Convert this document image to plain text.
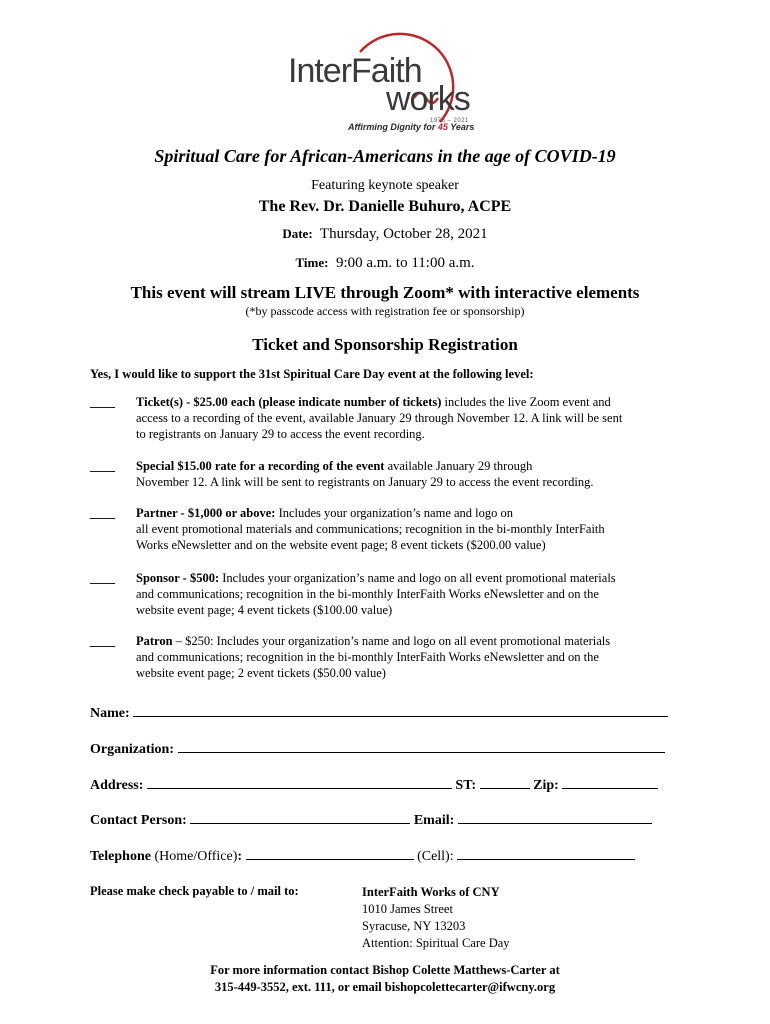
InterFaith
works
1976 – 2021
Affirming Dignity for 45 Years
Spiritual Care for African-Americans in the age of COVID-19
Featuring keynote speaker
The Rev. Dr. Danielle Buhuro, ACPE
Date: Thursday, October 28, 2021
Time: 9:00 a.m. to 11:00 a.m.
This event will stream LIVE through Zoom* with interactive elements
(*by passcode access with registration fee or sponsorship)
Ticket and Sponsorship Registration
Yes, I would like to support the 31st Spiritual Care Day event at the following level:
____ Ticket(s) - $25.00 each (please indicate number of tickets) includes the live Zoom event and
access to a recording of the event, available January 29 through November 12. A link will be sent
to registrants on January 29 to access the event recording.
____ Special $15.00 rate for a recording of the event available January 29 through
November 12. A link will be sent to registrants on January 29 to access the event recording.
____ Partner - $1,000 or above: Includes your organization’s name and logo on
all event promotional materials and communications; recognition in the bi-monthly InterFaith
Works eNewsletter and on the website event page; 8 event tickets ($200.00 value)
____ Sponsor - $500: Includes your organization’s name and logo on all event promotional materials
and communications; recognition in the bi-monthly InterFaith Works eNewsletter and on the
website event page; 4 event tickets ($100.00 value)
____ Patron – $250: Includes your organization’s name and logo on all event promotional materials
and communications; recognition in the bi-monthly InterFaith Works eNewsletter and on the
website event page; 2 event tickets ($50.00 value)
Name:
Organization:
Address:	ST:	Zip:
Contact Person:	Email:
Telephone (Home/Office):	(Cell):
Please make check payable to / mail to:	InterFaith Works of CNY
1010 James Street
Syracuse, NY 13203
Attention: Spiritual Care Day
For more information contact Bishop Colette Matthews-Carter at
315-449-3552, ext. 111, or email bishopcolettecarter@ifwcny.org
